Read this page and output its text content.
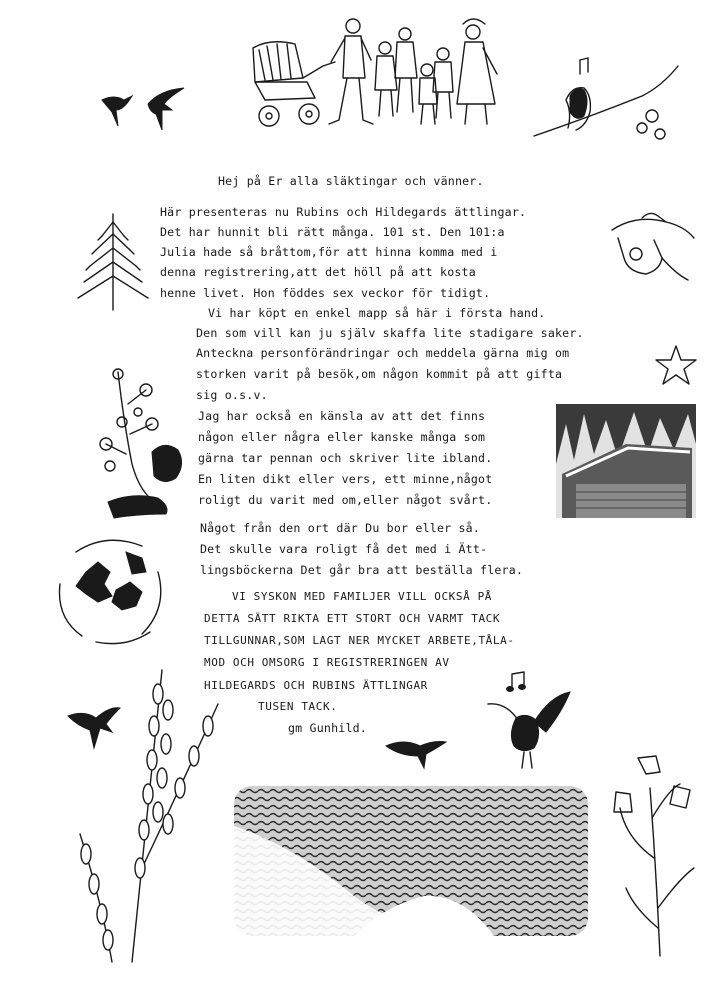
Hej på Er alla släktingar och vänner.
Här presenteras nu Rubins och Hildegards ättlingar.
Det har hunnit bli rätt många. 101 st. Den 101:a
Julia hade så bråttom,för att hinna komma med i
denna registrering,att det höll på att kosta
henne livet. Hon föddes sex veckor för tidigt.
Vi har köpt en enkel mapp så här i första hand.
Den som vill kan ju själv skaffa lite stadigare saker.
Anteckna personförändringar och meddela gärna mig om
storken varit på besök,om någon kommit på att gifta
sig o.s.v.
Jag har också en känsla av att det finns
någon eller några eller kanske många som
gärna tar pennan och skriver lite ibland.
En liten dikt eller vers, ett minne,något
roligt du varit med om,eller något svårt.
Något från den ort där Du bor eller så.
Det skulle vara roligt få det med i Ätt-
lingsböckerna Det går bra att beställa flera.
VI SYSKON MED FAMILJER VILL OCKSÅ PÅ
DETTA SÄTT RIKTA ETT STORT OCH VARMT TACK
TILLGUNNAR,SOM LAGT NER MYCKET ARBETE,TÅLA-
MOD OCH OMSORG I REGISTRERINGEN AV
HILDEGARDS OCH RUBINS ÄTTLINGAR
TUSEN TACK.
gm Gunhild.
